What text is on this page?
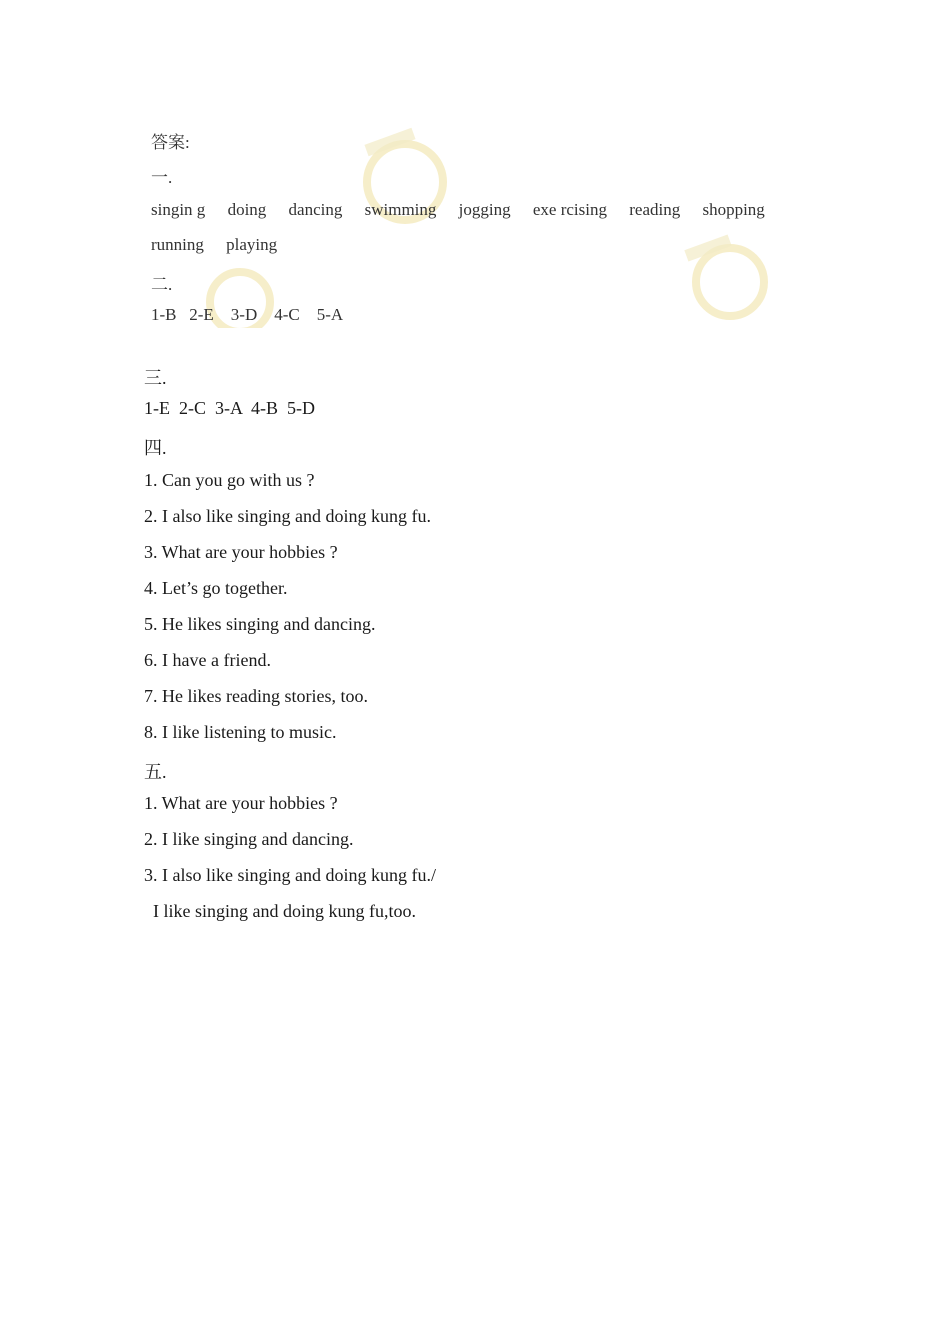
答案:
一.
singin g doing dancing swimming jogging exe rcising reading shopping
running playing
二.
1-B   2-E    3-D    4-C    5-A
三.
1-E  2-C  3-A  4-B  5-D
四.
1. Can you go with us ?
2. I also like singing and doing kung fu.
3. What are your hobbies ?
4. Let’s go together.
5. He likes singing and dancing.
6. I have a friend.
7. He likes reading stories, too.
8. I like listening to music.
五.
1. What are your hobbies ?
2. I like singing and dancing.
3. I also like singing and doing kung fu./
I like singing and doing kung fu,too.
